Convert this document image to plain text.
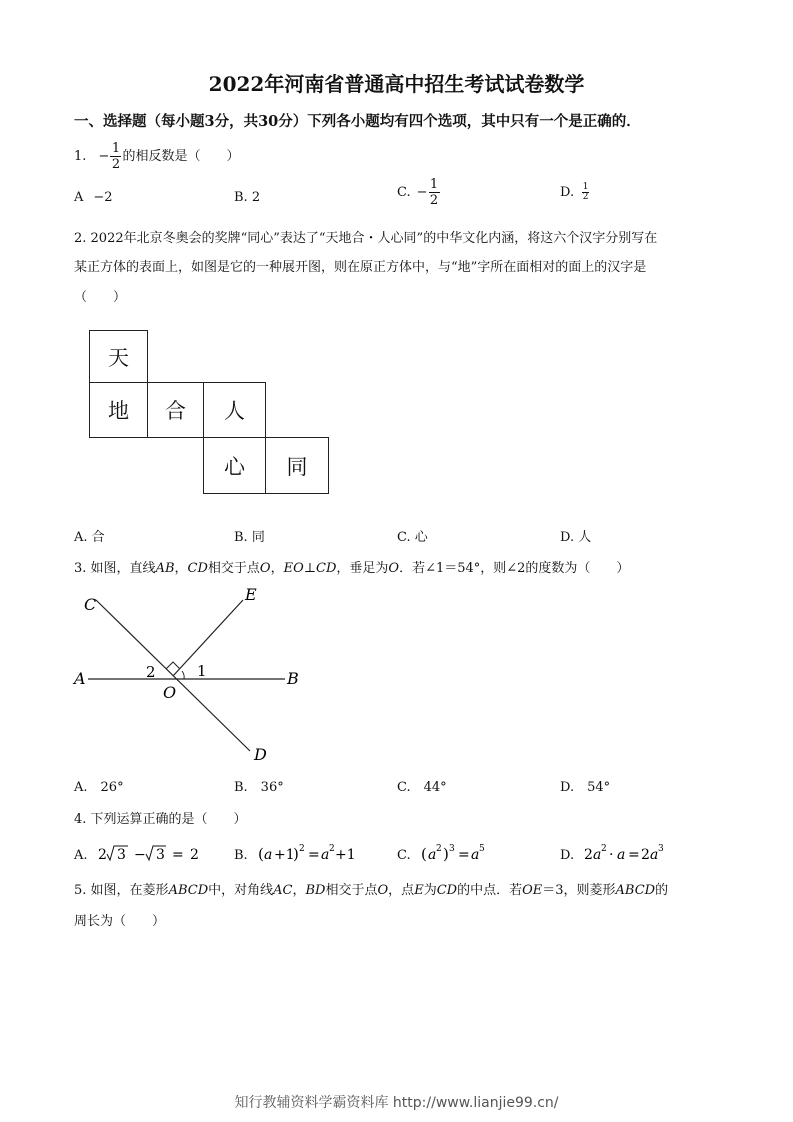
2022年河南省普通高中招生考试试卷数学
一、选择题（每小题3分，共30分）下列各小题均有四个选项，其中只有一个是正确的．
1. − $\frac{1}{2}$ 的相反数是（　　）
A −2	B. 2	C. − $\frac{1}{2}$	D. $\frac{1}{2}$
2. 2022年北京冬奥会的奖牌“同心”表达了“天地合・人心同”的中华文化内涵，将这六个汉字分别写在
某正方体的表面上，如图是它的一种展开图，则在原正方体中，与“地”字所在面相对的面上的汉字是
（　　）
天
地	合	人
心	同
A. 合	B. 同	C. 心	D. 人
3. 如图，直线AB，CD相交于点O，EO⊥CD，垂足为O．若∠1＝54°，则∠2的度数为（　　）
C
E
A	B
O
D
1
2
A.　26°	B.　36°	C.　44°	D.　54°
4. 下列运算正确的是（　　）
A. 2 3 − 3 = 2	B. ( a +1
) 2 = a 2 +1	C. ( a 2 ) 3 = a 5	D. 2 a 2 · a = 2 a 3
5. 如图，在菱形ABCD中，对角线AC，BD相交于点O，点E为CD的中点．若OE＝3，则菱形ABCD的
周长为（　　）
知行教辅资料学霸资料库 http://www.lianjie99.cn/
